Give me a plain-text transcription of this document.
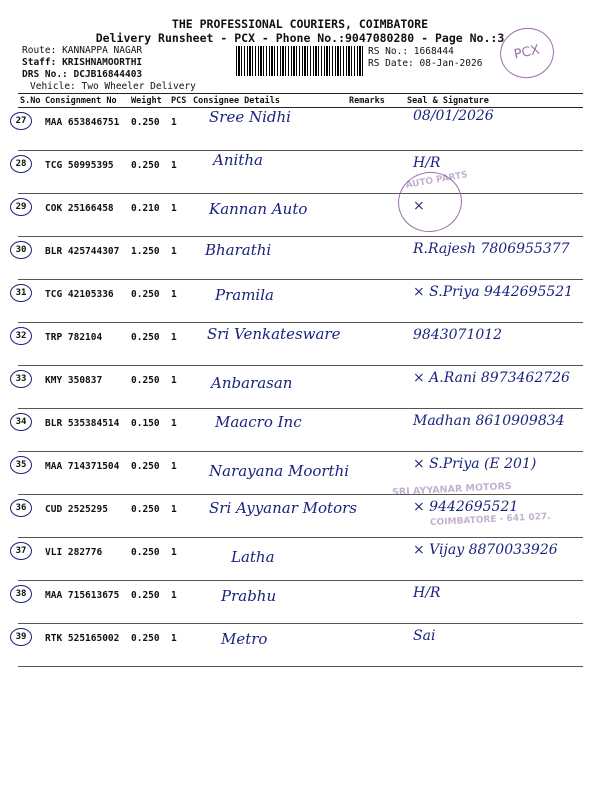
THE PROFESSIONAL COURIERS, COIMBATORE
Delivery Runsheet - PCX - Phone No.:9047080280 - Page No.:3
Route: KANNAPPA NAGAR
Staff: KRISHNAMOORTHI
DRS No.: DCJB16844403
Vehicle: Two Wheeler Delivery
RS No.: 1668444
RS Date: 08-Jan-2026
PCX
S.No	Consignment No	Weight	PCS	Consignee Details	Remarks	Seal & Signature

27	MAA 653846751	0.250	1	Sree Nidhi		08/01/2026

28	TCG 50995395	0.250	1	Anitha		H/R

29	COK 25166458	0.210	1	Kannan Auto		×

30	BLR 425744307	1.250	1	Bharathi		R.Rajesh 7806955377

31	TCG 42105336	0.250	1	Pramila		× S.Priya 9442695521

32	TRP 782104	0.250	1	Sri Venkatesware		9843071012

33	KMY 350837	0.250	1	Anbarasan		× A.Rani 8973462726

34	BLR 535384514	0.150	1	Maacro Inc		Madhan 8610909834

35	MAA 714371504	0.250	1	Narayana Moorthi		× S.Priya (E 201)

36	CUD 2525295	0.250	1	Sri Ayyanar Motors		× 9442695521

37	VLI 282776	0.250	1	Latha		× Vijay 8870033926

38	MAA 715613675	0.250	1	Prabhu		H/R

39	RTK 525165002	0.250	1	Metro		Sai
AUTO PARTS
SRI AYYANAR MOTORS
COIMBATORE - 641 027.
